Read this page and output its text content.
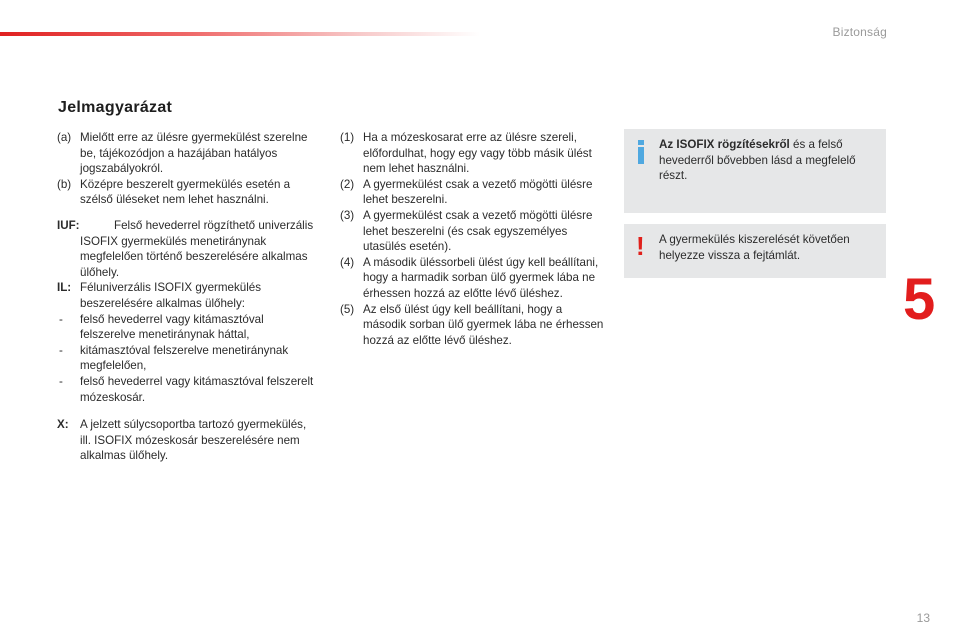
Biztonság
Jelmagyarázat
(a) Mielőtt erre az ülésre gyermekülést szerelne be, tájékozódjon a hazájában hatályos jogszabályokról.
(b) Középre beszerelt gyermekülés esetén a szélső üléseket nem lehet használni.
IUF:	Felső hevederrel rögzíthető univerzális ISOFIX gyermekülés menetiránynak megfelelően történő beszerelésére alkalmas ülőhely.
IL: Féluniverzális ISOFIX gyermekülés beszerelésére alkalmas ülőhely:
- felső hevederrel vagy kitámasztóval felszerelve menetiránynak háttal,
- kitámasztóval felszerelve menetiránynak megfelelően,
- felső hevederrel vagy kitámasztóval felszerelt mózeskosár.
X: A jelzett súlycsoportba tartozó gyermekülés, ill. ISOFIX mózeskosár beszerelésére nem alkalmas ülőhely.
(1) Ha a mózeskosarat erre az ülésre szereli, előfordulhat, hogy egy vagy több másik ülést nem lehet használni.
(2) A gyermekülést csak a vezető mögötti ülésre lehet beszerelni.
(3) A gyermekülést csak a vezető mögötti ülésre lehet beszerelni (és csak egyszemélyes utasülés esetén).
(4) A második üléssorbeli ülést úgy kell beállítani, hogy a harmadik sorban ülő gyermek lába ne érhessen hozzá az előtte lévő üléshez.
(5) Az első ülést úgy kell beállítani, hogy a második sorban ülő gyermek lába ne érhessen hozzá az előtte lévő üléshez.
Az ISOFIX rögzítésekről és a felső hevederről bővebben lásd a megfelelő részt.
! A gyermekülés kiszerelését követően helyezze vissza a fejtámlát.
5
13
